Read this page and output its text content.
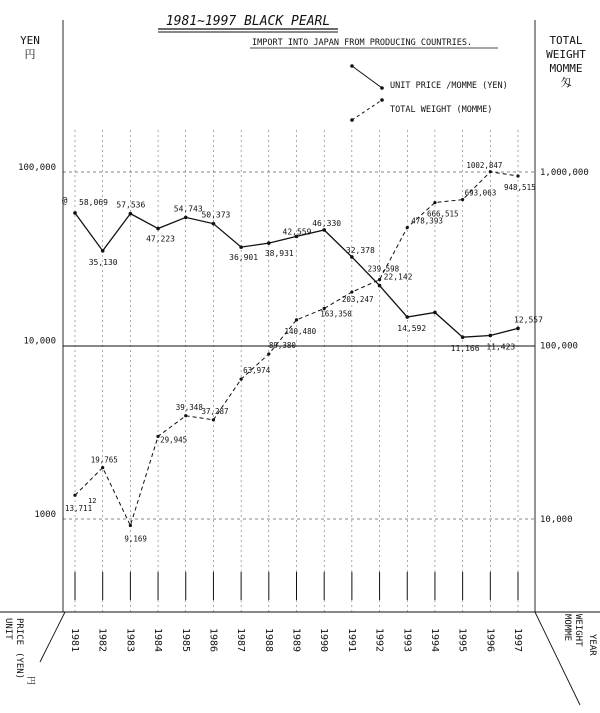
1981~1997 BLACK PEARL
IMPORT INTO JAPAN FROM PRODUCING COUNTRIES.
YEN
円
TOTAL
WEIGHT
MOMME
匁
UNIT PRICE /MOMME (YEN)
TOTAL WEIGHT (MOMME)
100,000
10,000
1000
1,000,000
100,000
10,000
1981 1982 1983 1984 1985 1986 1987 1988 1989 1990 1991 1992 1993 1994 1995 1996 1997
58,069
35,130
57,536
47,223
54,743
50,373
36,901 38,931
42,559
46,330
32,378
22,142
14,592
11,166 11,423
12,557
13,711
19,765
9,169
29,945
39,348
37,287
63,974
89,380
140,480
163,350
203,247
239,598
478,393
666,515
693,063
1002,847
948,515
@
12
UNIT PRICE
(YEN)
円
WEIGHT
MOMME
YEAR
